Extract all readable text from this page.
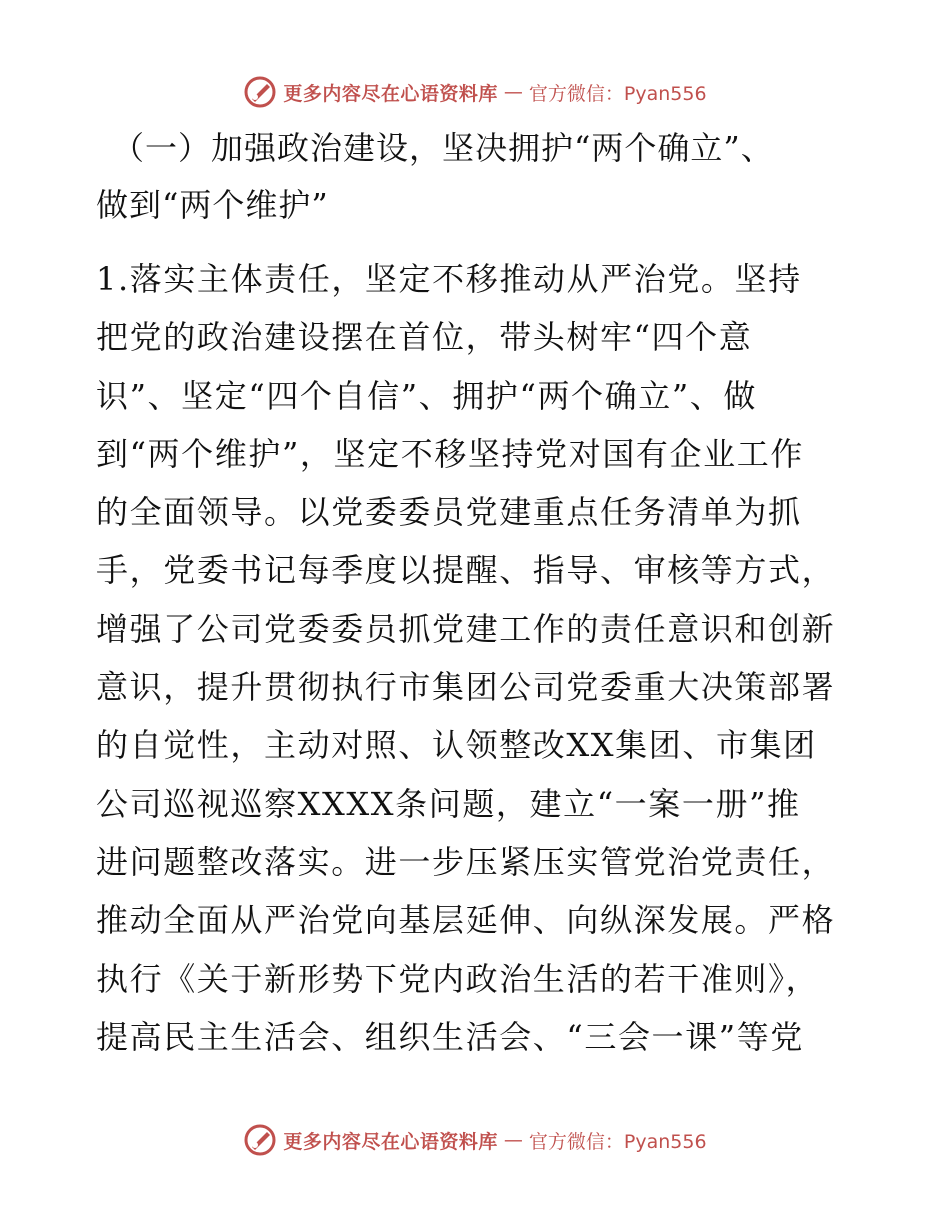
更多内容尽在心语资料库 — 官方微信：Pyan556
（一）加强政治建设，坚决拥护“两个确立”、
做到“两个维护”

1.落实主体责任，坚定不移推动从严治党。坚持
把党的政治建设摆在首位，带头树牢“四个意
识”、坚定“四个自信”、拥护“两个确立”、做
到“两个维护”，坚定不移坚持党对国有企业工作
的全面领导。以党委委员党建重点任务清单为抓
手，党委书记每季度以提醒、指导、审核等方式，
增强了公司党委委员抓党建工作的责任意识和创新
意识，提升贯彻执行市集团公司党委重大决策部署
的自觉性，主动对照、认领整改XX集团、市集团
公司巡视巡察XXXX条问题，建立“一案一册”推
进问题整改落实。进一步压紧压实管党治党责任，
推动全面从严治党向基层延伸、向纵深发展。严格
执行《关于新形势下党内政治生活的若干准则》，
提高民主生活会、组织生活会、“三会一课”等党

更多内容尽在心语资料库 — 官方微信：Pyan556
